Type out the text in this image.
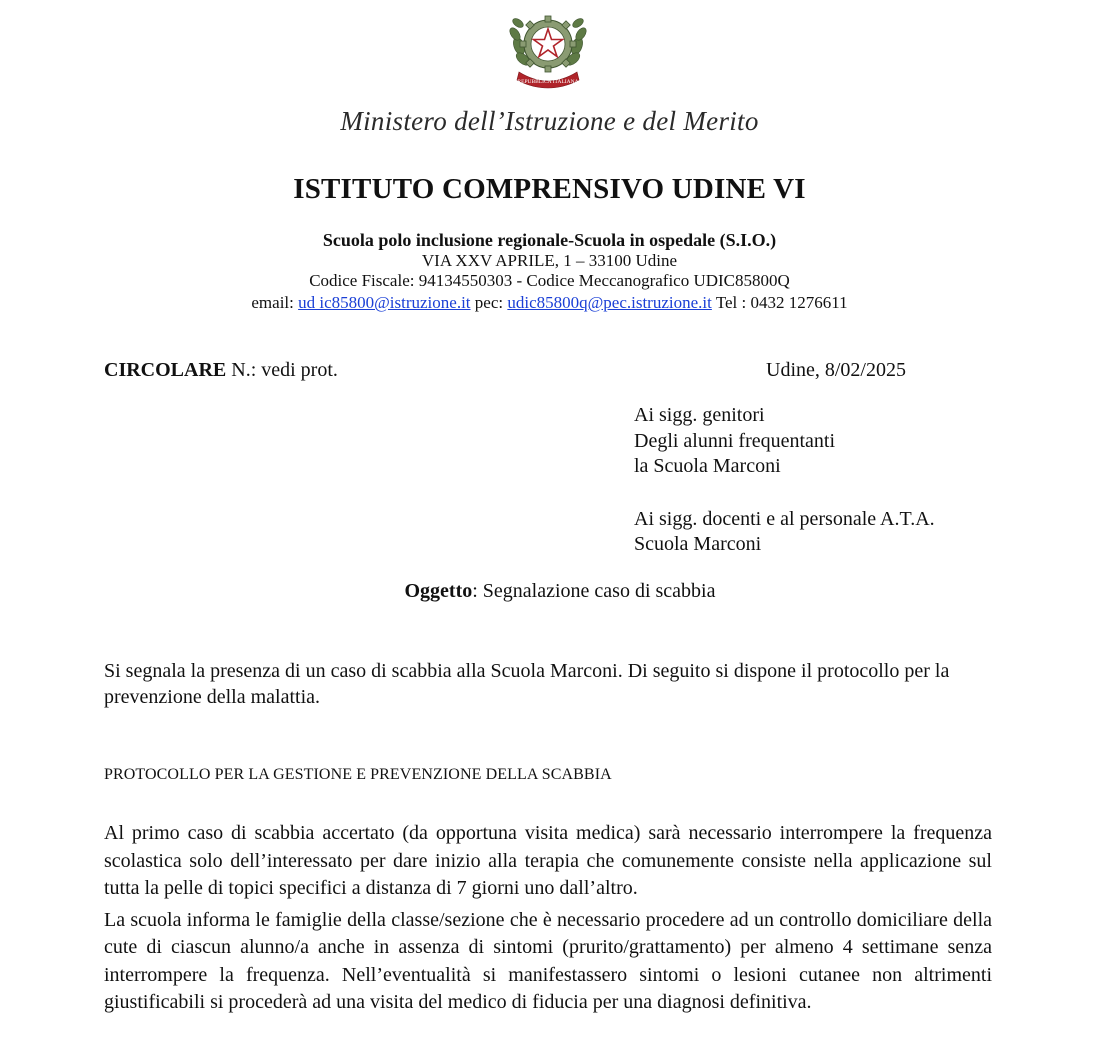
REPUBBLICA ITALIANA
Ministero dell’Istruzione e del Merito
ISTITUTO COMPRENSIVO UDINE VI
Scuola polo inclusione regionale-Scuola in ospedale (S.I.O.)
VIA XXV APRILE, 1 – 33100 Udine
Codice Fiscale: 94134550303 - Codice Meccanografico UDIC85800Q
email: ud ic85800@istruzione.it pec: udic85800q@pec.istruzione.it Tel : 0432 1276611
CIRCOLARE N.: vedi prot.	Udine, 8/02/2025
Ai sigg. genitori
Degli alunni frequentanti
la Scuola Marconi
Ai sigg. docenti e al personale A.T.A.
Scuola Marconi
Oggetto: Segnalazione caso di scabbia
Si segnala la presenza di un caso di scabbia alla Scuola Marconi. Di seguito si dispone il protocollo per la prevenzione della malattia.
PROTOCOLLO PER LA GESTIONE E PREVENZIONE DELLA SCABBIA

Al primo caso di scabbia accertato (da opportuna visita medica) sarà necessario interrompere la frequenza scolastica solo dell’interessato per dare inizio alla terapia che comunemente consiste nella applicazione sul tutta la pelle di topici specifici a distanza di 7 giorni uno dall’altro.

La scuola informa le famiglie della classe/sezione che è necessario procedere ad un controllo domiciliare della cute di ciascun alunno/a anche in assenza di sintomi (prurito/grattamento) per almeno 4 settimane senza interrompere la frequenza. Nell’eventualità si manifestassero sintomi o lesioni cutanee non altrimenti giustificabili si procederà ad una visita del medico di fiducia per una diagnosi definitiva.
